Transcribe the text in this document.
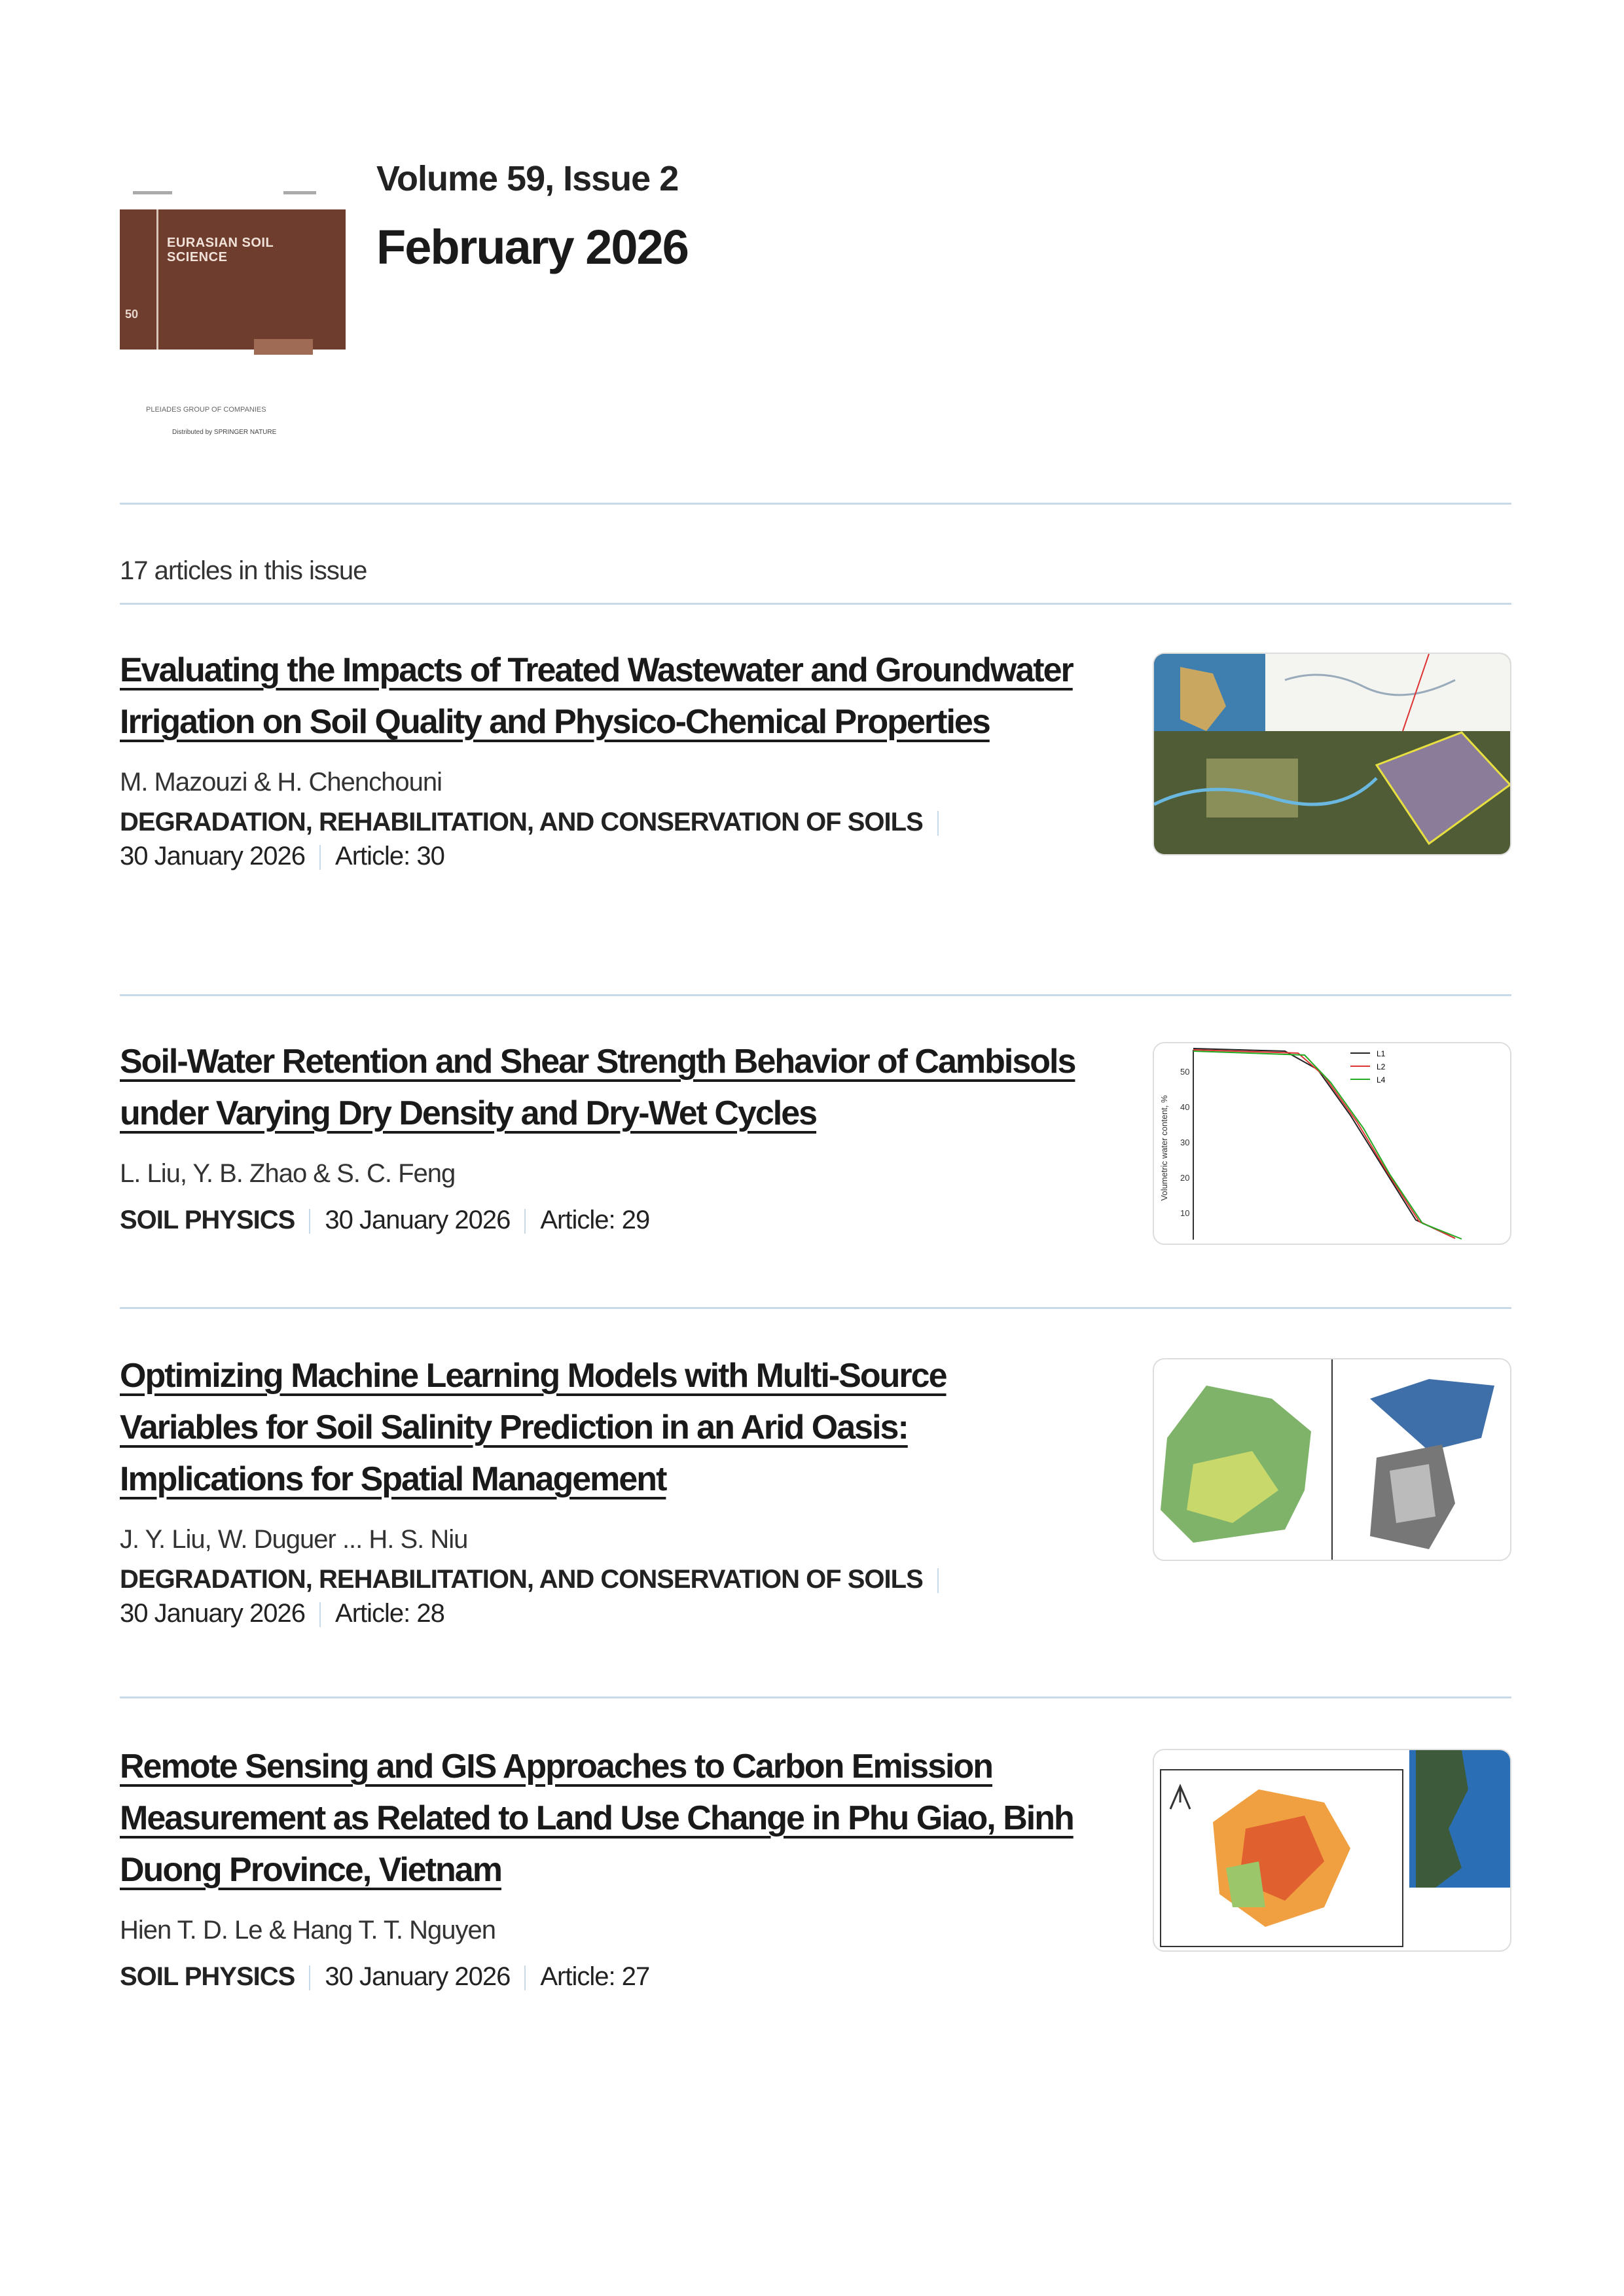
EURASIAN SOIL SCIENCE
50
PLEIADES GROUP OF COMPANIES
Distributed by SPRINGER NATURE
Volume 59, Issue 2
February 2026
17 articles in this issue
Evaluating the Impacts of Treated Wastewater and Groundwater Irrigation on Soil Quality and Physico-Chemical Properties
M. Mazouzi & H. Chenchouni
DEGRADATION, REHABILITATION, AND CONSERVATION OF SOILS
30 January 2026 Article: 30
Soil-Water Retention and Shear Strength Behavior of Cambisols under Varying Dry Density and Dry-Wet Cycles
L. Liu, Y. B. Zhao & S. C. Feng
SOIL PHYSICS 30 January 2026 Article: 29
Volumetric water content, %
50
40
30
20
10
L1
L2
L4
Optimizing Machine Learning Models with Multi-Source Variables for Soil Salinity Prediction in an Arid Oasis: Implications for Spatial Management
J. Y. Liu, W. Duguer ... H. S. Niu
DEGRADATION, REHABILITATION, AND CONSERVATION OF SOILS
30 January 2026 Article: 28
Remote Sensing and GIS Approaches to Carbon Emission Measurement as Related to Land Use Change in Phu Giao, Binh Duong Province, Vietnam
Hien T. D. Le & Hang T. T. Nguyen
SOIL PHYSICS 30 January 2026 Article: 27
